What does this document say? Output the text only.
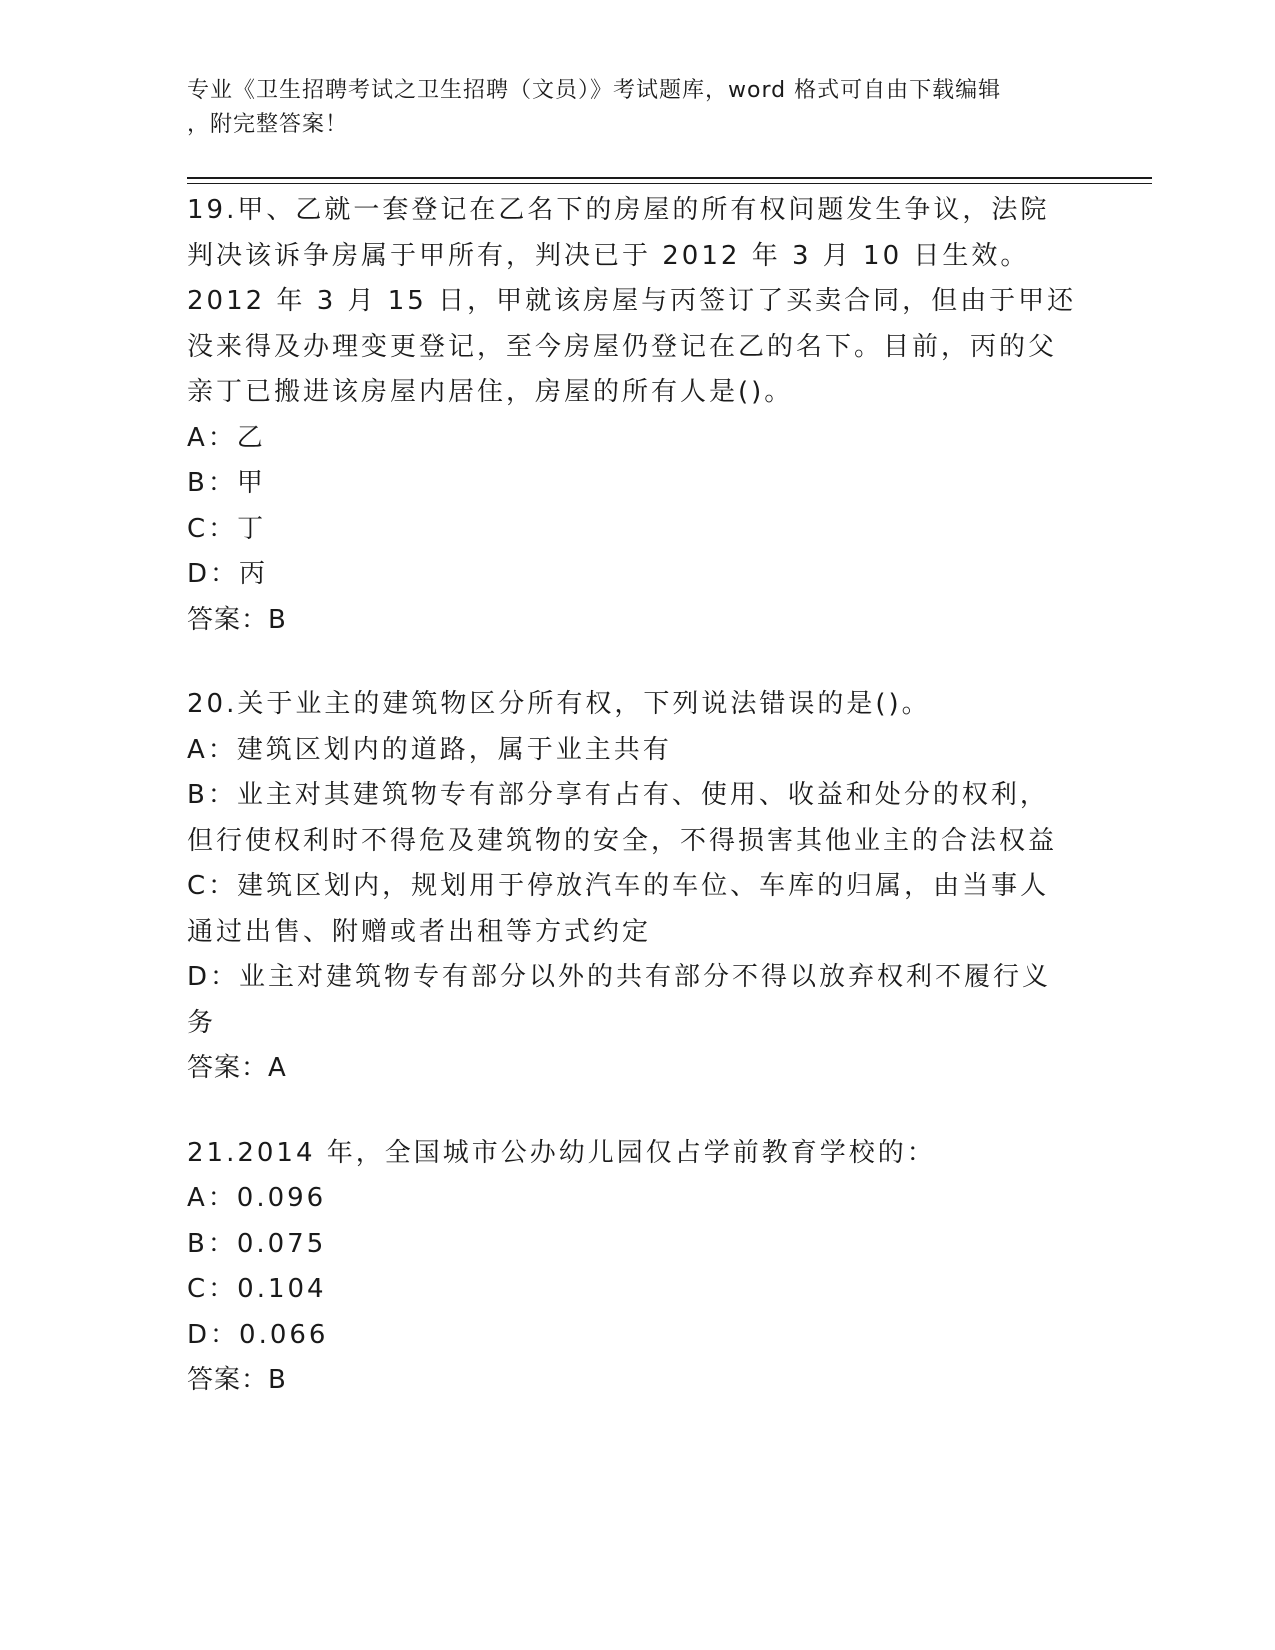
专业《卫生招聘考试之卫生招聘（文员）》考试题库，word 格式可自由下载编辑
，附完整答案！
19.甲、乙就一套登记在乙名下的房屋的所有权问题发生争议，法院判决该诉争房属于甲所有，判决已于 2012 年 3 月 10 日生效。2012 年 3 月 15 日，甲就该房屋与丙签订了买卖合同，但由于甲还没来得及办理变更登记，至今房屋仍登记在乙的名下。目前，丙的父亲丁已搬进该房屋内居住，房屋的所有人是()。
A：乙
B：甲
C：丁
D：丙
答案：B
20.关于业主的建筑物区分所有权，下列说法错误的是()。
A：建筑区划内的道路，属于业主共有
B：业主对其建筑物专有部分享有占有、使用、收益和处分的权利，但行使权利时不得危及建筑物的安全，不得损害其他业主的合法权益
C：建筑区划内，规划用于停放汽车的车位、车库的归属，由当事人通过出售、附赠或者出租等方式约定
D：业主对建筑物专有部分以外的共有部分不得以放弃权利不履行义务
答案：A
21.2014 年，全国城市公办幼儿园仅占学前教育学校的：
A：0.096
B：0.075
C：0.104
D：0.066
答案：B
